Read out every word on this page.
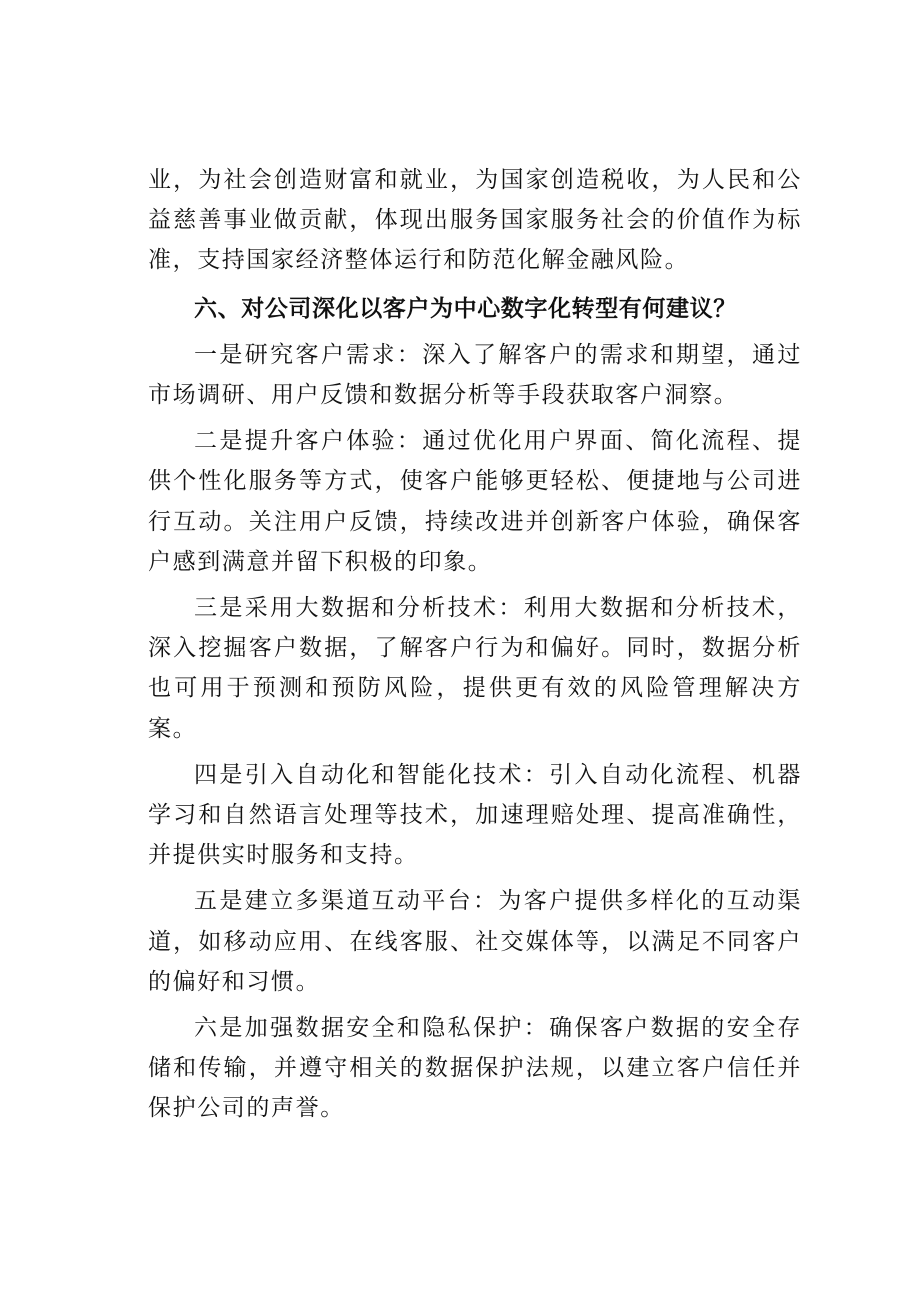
业，为社会创造财富和就业，为国家创造税收，为人民和公益慈善事业做贡献，体现出服务国家服务社会的价值作为标准，支持国家经济整体运行和防范化解金融风险。

六、对公司深化以客户为中心数字化转型有何建议？

一是研究客户需求：深入了解客户的需求和期望，通过市场调研、用户反馈和数据分析等手段获取客户洞察。

二是提升客户体验：通过优化用户界面、简化流程、提供个性化服务等方式，使客户能够更轻松、便捷地与公司进行互动。关注用户反馈，持续改进并创新客户体验，确保客户感到满意并留下积极的印象。

三是采用大数据和分析技术：利用大数据和分析技术，深入挖掘客户数据，了解客户行为和偏好。同时，数据分析也可用于预测和预防风险，提供更有效的风险管理解决方案。

四是引入自动化和智能化技术：引入自动化流程、机器学习和自然语言处理等技术，加速理赔处理、提高准确性，并提供实时服务和支持。

五是建立多渠道互动平台：为客户提供多样化的互动渠道，如移动应用、在线客服、社交媒体等，以满足不同客户的偏好和习惯。

六是加强数据安全和隐私保护：确保客户数据的安全存储和传输，并遵守相关的数据保护法规，以建立客户信任并保护公司的声誉。
